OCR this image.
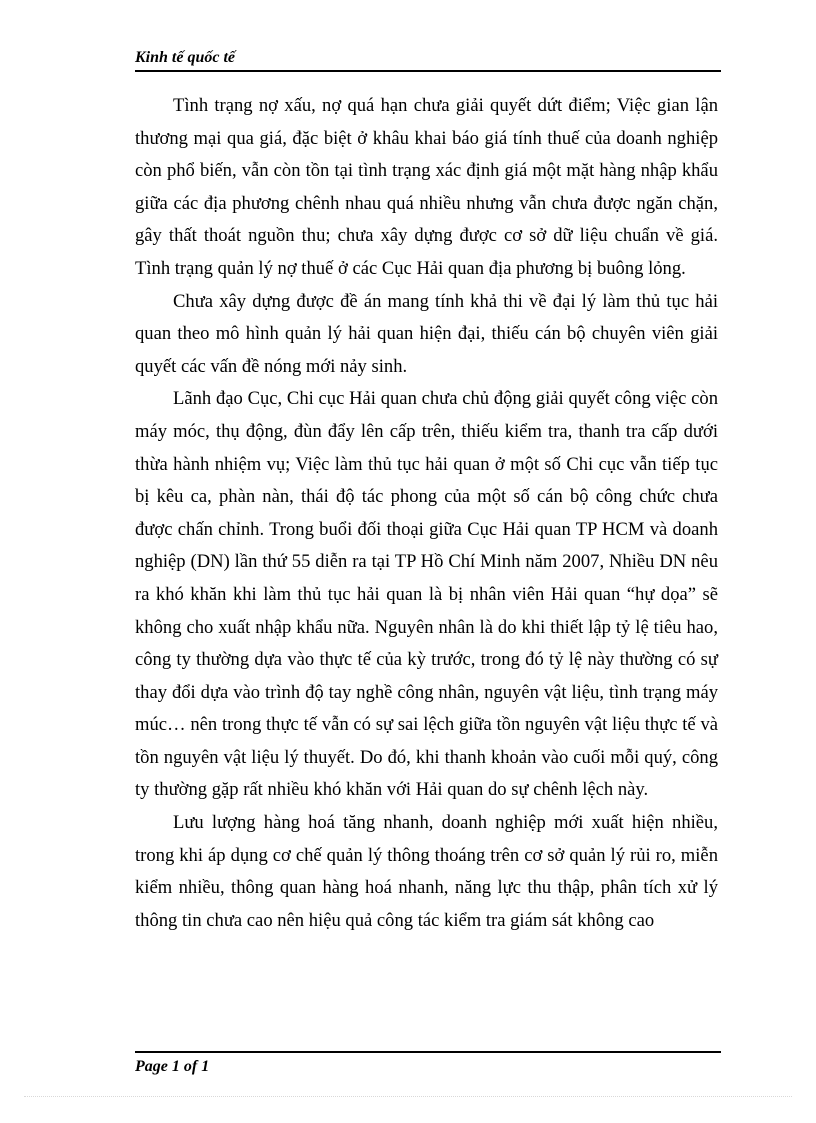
Kinh tế quốc tế

Tình trạng nợ xấu, nợ quá hạn chưa giải quyết dứt điểm; Việc gian lận thương mại qua giá, đặc biệt ở khâu khai báo giá tính thuế của doanh nghiệp còn phổ biến, vẫn còn tồn tại tình trạng xác định giá một mặt hàng nhập khẩu giữa các địa phương chênh nhau quá nhiều nhưng vẫn chưa được ngăn chặn, gây thất thoát nguồn thu; chưa xây dựng được cơ sở dữ liệu chuẩn về giá. Tình trạng quản lý nợ thuế ở các Cục Hải quan địa phương bị buông lỏng.

Chưa xây dựng được đề án mang tính khả thi về đại lý làm thủ tục hải quan theo mô hình quản lý hải quan hiện đại, thiếu cán bộ chuyên viên giải quyết các vấn đề nóng mới nảy sinh.

Lãnh đạo Cục, Chi cục Hải quan chưa chủ động giải quyết công việc còn máy móc, thụ động, đùn đẩy lên cấp trên, thiếu kiểm tra, thanh tra cấp dưới thừa hành nhiệm vụ; Việc làm thủ tục hải quan ở một số Chi cục vẫn tiếp tục bị kêu ca, phàn nàn, thái độ tác phong của một số cán bộ công chức chưa được chấn chỉnh. Trong buổi đối thoại giữa Cục Hải quan TP HCM và doanh nghiệp (DN) lần thứ 55 diễn ra tại TP Hồ Chí Minh năm 2007, Nhiều DN nêu ra khó khăn khi làm thủ tục hải quan là bị nhân viên Hải quan “hự dọa” sẽ không cho xuất nhập khẩu nữa. Nguyên nhân là do khi thiết lập tỷ lệ tiêu hao, công ty thường dựa vào thực tế của kỳ trước, trong đó tỷ lệ này thường có sự thay đổi dựa vào trình độ tay nghề công nhân, nguyên vật liệu, tình trạng máy múc… nên trong thực tế vẫn có sự sai lệch giữa tồn nguyên vật liệu thực tế và tồn nguyên vật liệu lý thuyết. Do đó, khi thanh khoản vào cuối mỗi quý, công ty thường gặp rất nhiều khó khăn với Hải quan do sự chênh lệch này.

Lưu lượng hàng hoá tăng nhanh, doanh nghiệp mới xuất hiện nhiều, trong khi áp dụng cơ chế quản lý thông thoáng trên cơ sở quản lý rủi ro, miễn kiểm nhiều, thông quan hàng hoá nhanh, năng lực thu thập, phân tích xử lý thông tin chưa cao nên hiệu quả công tác kiểm tra giám sát không cao

Page 1 of 1
